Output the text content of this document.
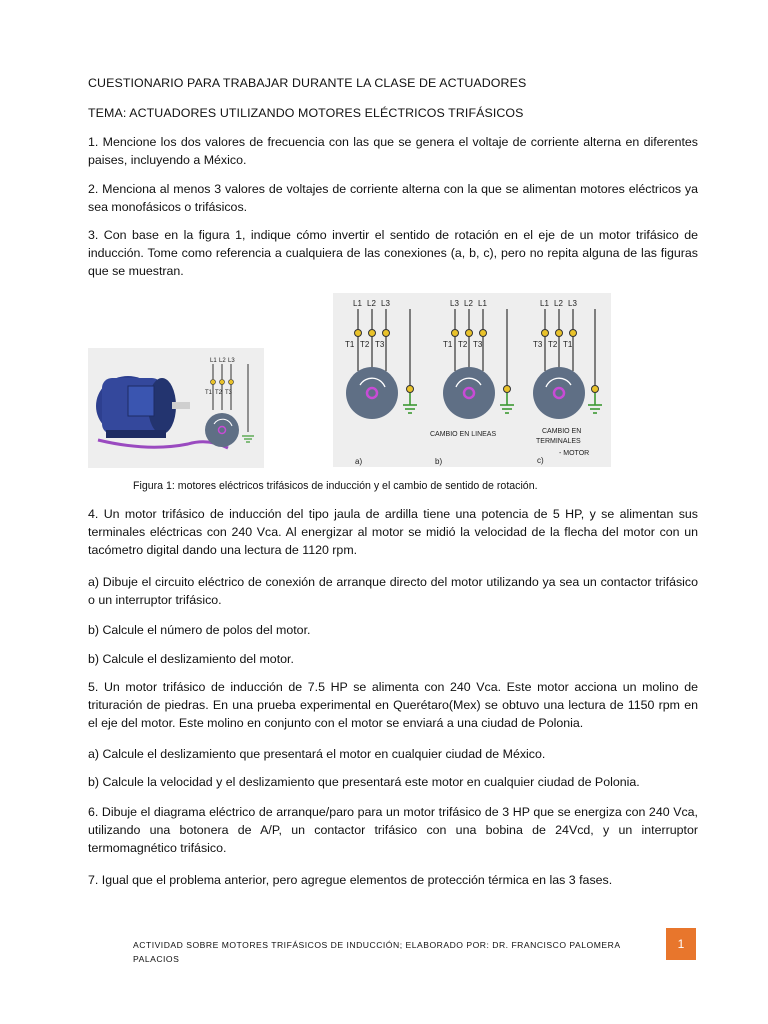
CUESTIONARIO PARA TRABAJAR DURANTE LA CLASE DE ACTUADORES

TEMA: ACTUADORES UTILIZANDO MOTORES ELÉCTRICOS TRIFÁSICOS

1. Mencione los dos valores de frecuencia con las que se genera el voltaje de corriente alterna en diferentes paises, incluyendo a México.

2. Menciona al menos 3 valores de voltajes de corriente alterna con la que se alimentan motores eléctricos ya sea monofásicos o trifásicos.

3. Con base en la figura 1, indique cómo invertir el sentido de rotación en el eje de un motor trifásico de inducción. Tome como referencia a cualquiera de las conexiones (a, b, c), pero no repita alguna de las figuras que se muestran.

L1 L2 L3
T1 T2 T3
L1 L2 L3
T1 T2 T3
a)
L3 L2 L1
T1 T2 T3
CAMBIO EN LINEAS
b)
L1 L2 L3
T3 T2 T1
CAMBIO EN
TERMINALES
- MOTOR
c)

Figura 1: motores eléctricos trifásicos de inducción y el cambio de sentido de rotación.

4. Un motor trifásico de inducción del tipo jaula de ardilla tiene una potencia de 5 HP, y se alimentan sus terminales eléctricas con 240 Vca. Al energizar al motor se midió la velocidad de la flecha del motor con un tacómetro digital dando una lectura de 1120 rpm.

a) Dibuje el circuito eléctrico de conexión de arranque directo del motor utilizando ya sea un contactor trifásico o un interruptor trifásico.

b) Calcule el número de polos del motor.

b) Calcule el deslizamiento del motor.

5. Un motor trifásico de inducción de 7.5 HP se alimenta con 240 Vca. Este motor acciona un molino de trituración de piedras. En una prueba experimental en Querétaro(Mex) se obtuvo una lectura de 1150 rpm en el eje del motor. Este molino en conjunto con el motor se enviará a una ciudad de Polonia.

a) Calcule el deslizamiento que presentará el motor en cualquier ciudad de México.

b) Calcule la velocidad y el deslizamiento que presentará este motor en cualquier ciudad de Polonia.

6. Dibuje el diagrama eléctrico de arranque/paro para un motor trifásico de 3 HP que se energiza con 240 Vca, utilizando una botonera de A/P, un contactor trifásico con una bobina de 24Vcd, y un interruptor termomagnético trifásico.

7. Igual que el problema anterior, pero agregue elementos de protección térmica en las 3 fases.

ACTIVIDAD SOBRE MOTORES TRIFÁSICOS DE INDUCCIÓN; ELABORADO POR: DR. FRANCISCO PALOMERA PALACIOS
1
